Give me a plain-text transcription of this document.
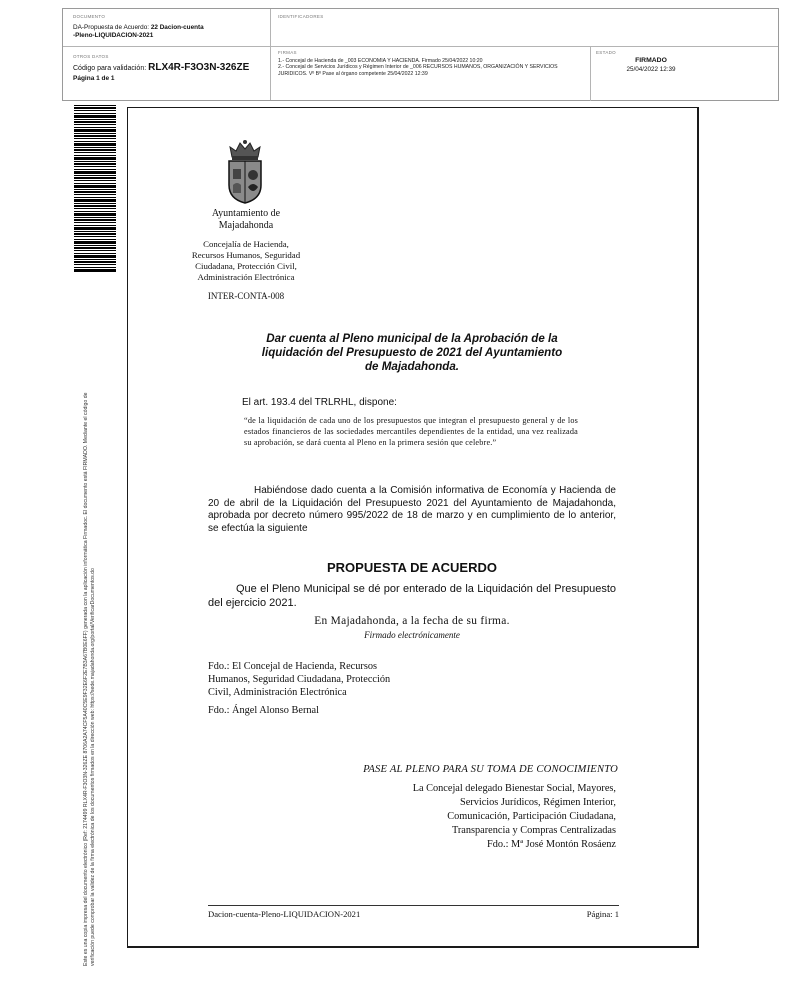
DOCUMENTO
DA-Propuesta de Acuerdo: 22 Dacion-cuenta
-Pleno-LIQUIDACION-2021
IDENTIFICADORES
OTROS DATOS
Código para validación: RLX4R-F3O3N-326ZE
Página 1 de 1
FIRMAS
1.- Concejal de Hacienda de _003 ECONOMIA Y HACIENDA. Firmado 25/04/2022 10:20
2.- Concejal de Servicios Jurídicos y Régimen Interior de _006 RECURSOS HUMANOS, ORGANIZACIÓN Y SERVICIOS JURIDICOS. Vº Bº Pase al órgano competente 25/04/2022 12:39
ESTADO
FIRMADO
25/04/2022 12:39
Este es una copia impresa del documento electrónico (Ref: 2174499 RLX4R-F3O3N-326ZE 8706A2A74CF5A40C5E9F32E6F2E7B3A67B0E6FF) generada con la aplicación informática Firmadoc. El documento está FIRMADO. Mediante el código de verificación puede comprobar la validez de la firma electrónica de los documentos firmados en la dirección web: https://sede.majadahonda.org/portal/VerificarDocumentos.do
Ayuntamiento de
Majadahonda
Concejalía de Hacienda,
Recursos Humanos, Seguridad
Ciudadana, Protección Civil,
Administración Electrónica
INTER-CONTA-008
Dar cuenta al Pleno municipal de la Aprobación de la
liquidación del Presupuesto de 2021 del Ayuntamiento
de Majadahonda.
El art. 193.4 del TRLRHL, dispone:
“de la liquidación de cada uno de los presupuestos que integran el presupuesto general y de los estados financieros de las sociedades mercantiles dependientes de la entidad, una vez realizada su aprobación, se dará cuenta al Pleno en la primera sesión que celebre.”
Habiéndose dado cuenta a la Comisión informativa de Economía y Hacienda de 20 de abril de la Liquidación del Presupuesto 2021 del Ayuntamiento de Majadahonda, aprobada por decreto número 995/2022 de 18 de marzo y en cumplimiento de lo anterior, se efectúa la siguiente
PROPUESTA DE ACUERDO
Que el Pleno Municipal se dé por enterado de la Liquidación del Presupuesto del ejercicio 2021.
En Majadahonda, a la fecha de su firma.
Firmado electrónicamente
Fdo.: El Concejal de Hacienda, Recursos
Humanos, Seguridad Ciudadana, Protección
Civil, Administración Electrónica
Fdo.: Ángel Alonso Bernal
PASE AL PLENO PARA SU TOMA DE CONOCIMIENTO
La Concejal delegado Bienestar Social, Mayores,
Servicios Jurídicos, Régimen Interior,
Comunicación, Participación Ciudadana,
Transparencia y Compras Centralizadas
Fdo.: Mª José Montón Rosáenz
Dacion-cuenta-Pleno-LIQUIDACION-2021	Página: 1
